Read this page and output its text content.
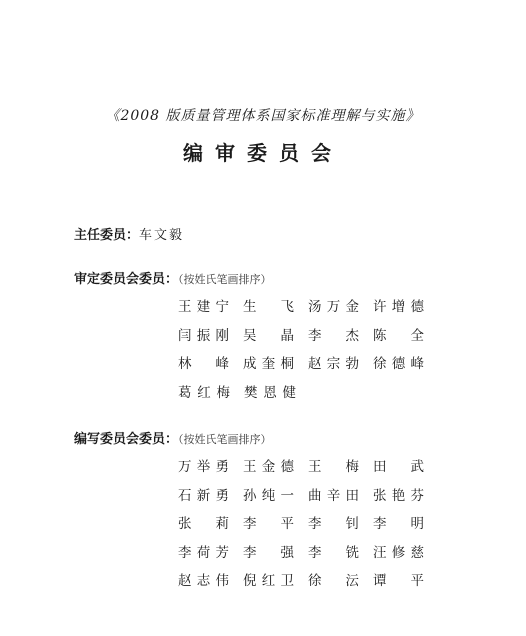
《2008 版质量管理体系国家标准理解与实施》
编审委员会
主任委员：车文毅
审定委员会委员：（按姓氏笔画排序）
王建宁	生　飞	汤万金	许增德
闫振刚	吴　晶	李　杰	陈　全
林　峰	成奎桐	赵宗勃	徐德峰
葛红梅	樊恩健
编写委员会委员：（按姓氏笔画排序）
万举勇	王金德	王　梅	田　武
石新勇	孙纯一	曲辛田	张艳芬
张　莉	李　平	李　钊	李　明
李荷芳	李　强	李　铣	汪修慈
赵志伟	倪红卫	徐　沄	谭　平
